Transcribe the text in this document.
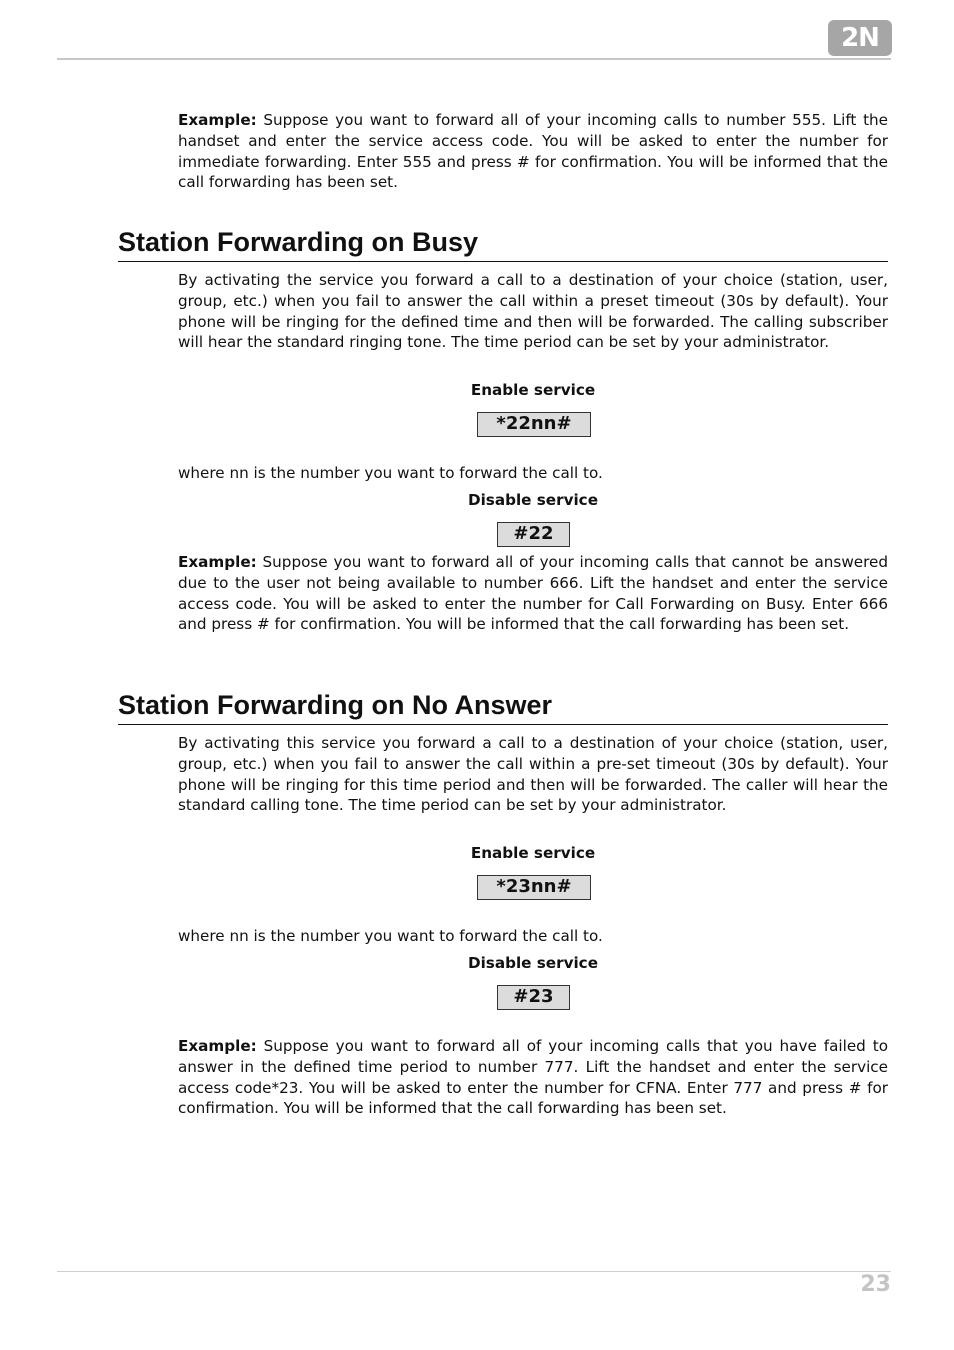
2N

Example: Suppose you want to forward all of your incoming calls to number 555. Lift the handset and enter the service access code. You will be asked to enter the number for immediate forwarding. Enter 555 and press # for confirmation. You will be informed that the call forwarding has been set.

Station Forwarding on Busy

By activating the service you forward a call to a destination of your choice (station, user, group, etc.) when you fail to answer the call within a preset timeout (30s by default). Your phone will be ringing for the defined time and then will be forwarded. The calling subscriber will hear the standard ringing tone. The time period can be set by your administrator.

Enable service
*22nn#

where nn is the number you want to forward the call to.

Disable service
#22

Example: Suppose you want to forward all of your incoming calls that cannot be answered due to the user not being available to number 666. Lift the handset and enter the service access code. You will be asked to enter the number for Call Forwarding on Busy. Enter 666 and press # for confirmation. You will be informed that the call forwarding has been set.

Station Forwarding on No Answer

By activating this service you forward a call to a destination of your choice (station, user, group, etc.) when you fail to answer the call within a pre-set timeout (30s by default). Your phone will be ringing for this time period and then will be forwarded. The caller will hear the standard calling tone. The time period can be set by your administrator.

Enable service
*23nn#

where nn is the number you want to forward the call to.

Disable service
#23

Example: Suppose you want to forward all of your incoming calls that you have failed to answer in the defined time period to number 777. Lift the handset and enter the service access code*23. You will be asked to enter the number for CFNA. Enter 777 and press # for confirmation. You will be informed that the call forwarding has been set.

23
